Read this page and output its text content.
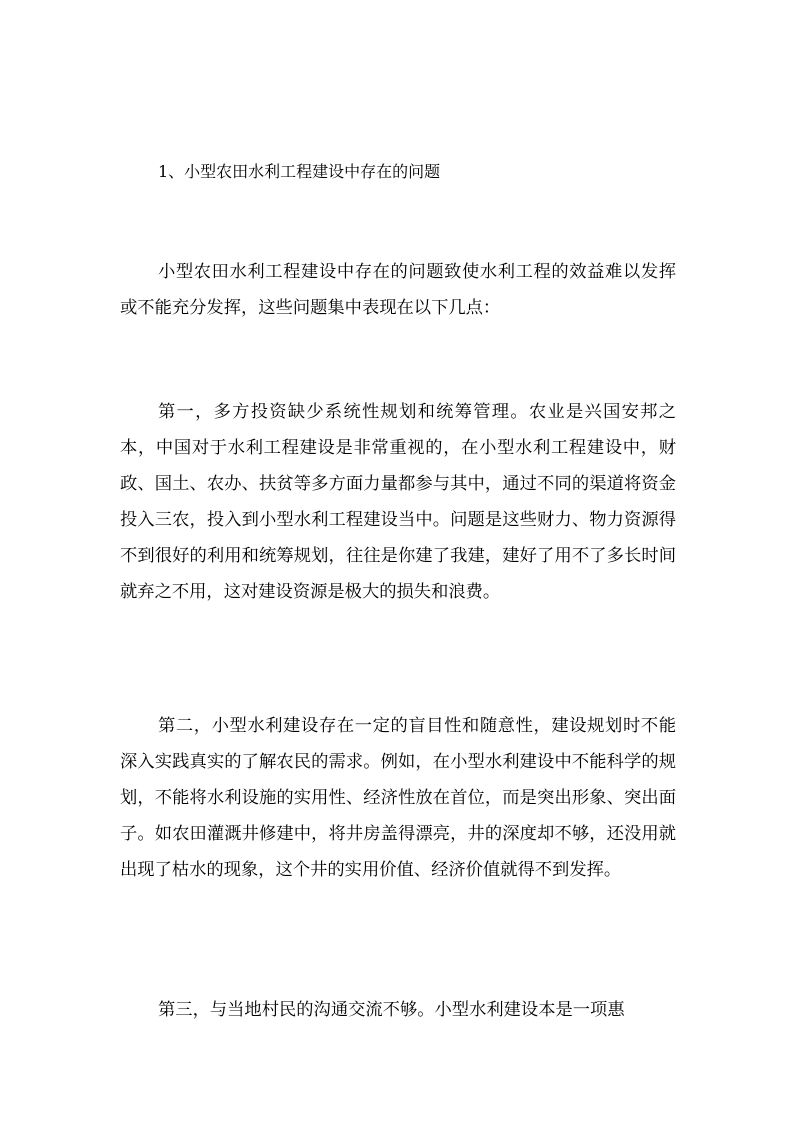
1、小型农田水利工程建设中存在的问题

小型农田水利工程建设中存在的问题致使水利工程的效益难以发挥或不能充分发挥，这些问题集中表现在以下几点：

第一，多方投资缺少系统性规划和统筹管理。农业是兴国安邦之本，中国对于水利工程建设是非常重视的，在小型水利工程建设中，财政、国土、农办、扶贫等多方面力量都参与其中，通过不同的渠道将资金投入三农，投入到小型水利工程建设当中。问题是这些财力、物力资源得不到很好的利用和统筹规划，往往是你建了我建，建好了用不了多长时间就弃之不用，这对建设资源是极大的损失和浪费。

第二，小型水利建设存在一定的盲目性和随意性，建设规划时不能深入实践真实的了解农民的需求。例如，在小型水利建设中不能科学的规划，不能将水利设施的实用性、经济性放在首位，而是突出形象、突出面子。如农田灌溉井修建中，将井房盖得漂亮，井的深度却不够，还没用就出现了枯水的现象，这个井的实用价值、经济价值就得不到发挥。

第三，与当地村民的沟通交流不够。小型水利建设本是一项惠
